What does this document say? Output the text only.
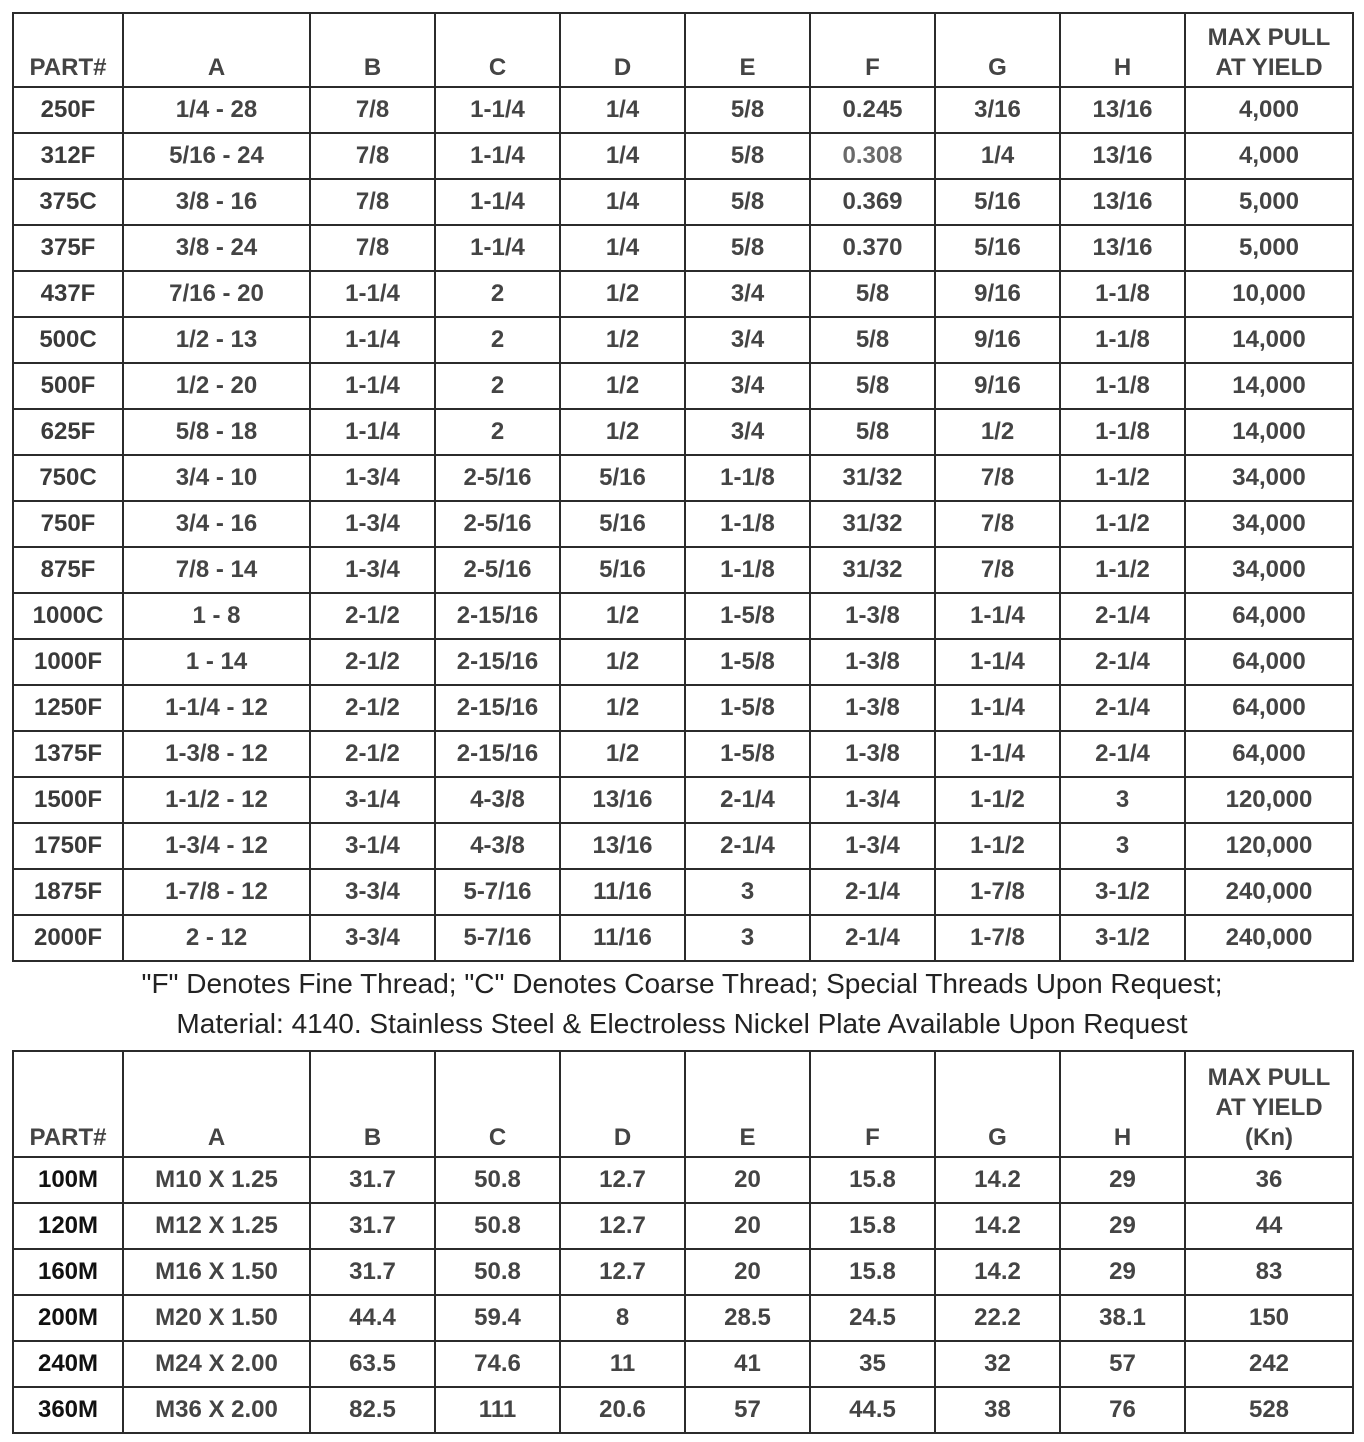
PART#	A	B	C	D	E	F	G	H	MAX PULL
AT YIELD

250F	1/4 - 28	7/8	1-1/4	1/4	5/8	0.245	3/16	13/16	4,000
312F	5/16 - 24	7/8	1-1/4	1/4	5/8	0.308	1/4	13/16	4,000
375C	3/8 - 16	7/8	1-1/4	1/4	5/8	0.369	5/16	13/16	5,000
375F	3/8 - 24	7/8	1-1/4	1/4	5/8	0.370	5/16	13/16	5,000
437F	7/16 - 20	1-1/4	2	1/2	3/4	5/8	9/16	1-1/8	10,000
500C	1/2 - 13	1-1/4	2	1/2	3/4	5/8	9/16	1-1/8	14,000
500F	1/2 - 20	1-1/4	2	1/2	3/4	5/8	9/16	1-1/8	14,000
625F	5/8 - 18	1-1/4	2	1/2	3/4	5/8	1/2	1-1/8	14,000
750C	3/4 - 10	1-3/4	2-5/16	5/16	1-1/8	31/32	7/8	1-1/2	34,000
750F	3/4 - 16	1-3/4	2-5/16	5/16	1-1/8	31/32	7/8	1-1/2	34,000
875F	7/8 - 14	1-3/4	2-5/16	5/16	1-1/8	31/32	7/8	1-1/2	34,000
1000C	1 - 8	2-1/2	2-15/16	1/2	1-5/8	1-3/8	1-1/4	2-1/4	64,000
1000F	1 - 14	2-1/2	2-15/16	1/2	1-5/8	1-3/8	1-1/4	2-1/4	64,000
1250F	1-1/4 - 12	2-1/2	2-15/16	1/2	1-5/8	1-3/8	1-1/4	2-1/4	64,000
1375F	1-3/8 - 12	2-1/2	2-15/16	1/2	1-5/8	1-3/8	1-1/4	2-1/4	64,000
1500F	1-1/2 - 12	3-1/4	4-3/8	13/16	2-1/4	1-3/4	1-1/2	3	120,000
1750F	1-3/4 - 12	3-1/4	4-3/8	13/16	2-1/4	1-3/4	1-1/2	3	120,000
1875F	1-7/8 - 12	3-3/4	5-7/16	11/16	3	2-1/4	1-7/8	3-1/2	240,000
2000F	2 - 12	3-3/4	5-7/16	11/16	3	2-1/4	1-7/8	3-1/2	240,000
"F" Denotes Fine Thread; "C" Denotes Coarse Thread; Special Threads Upon Request;
Material: 4140. Stainless Steel & Electroless Nickel Plate Available Upon Request
PART#	A	B	C	D	E	F	G	H	MAX PULL
AT YIELD
(Kn)

100M	M10 X 1.25	31.7	50.8	12.7	20	15.8	14.2	29	36
120M	M12 X 1.25	31.7	50.8	12.7	20	15.8	14.2	29	44
160M	M16 X 1.50	31.7	50.8	12.7	20	15.8	14.2	29	83
200M	M20 X 1.50	44.4	59.4	8	28.5	24.5	22.2	38.1	150
240M	M24 X 2.00	63.5	74.6	11	41	35	32	57	242
360M	M36 X 2.00	82.5	111	20.6	57	44.5	38	76	528
